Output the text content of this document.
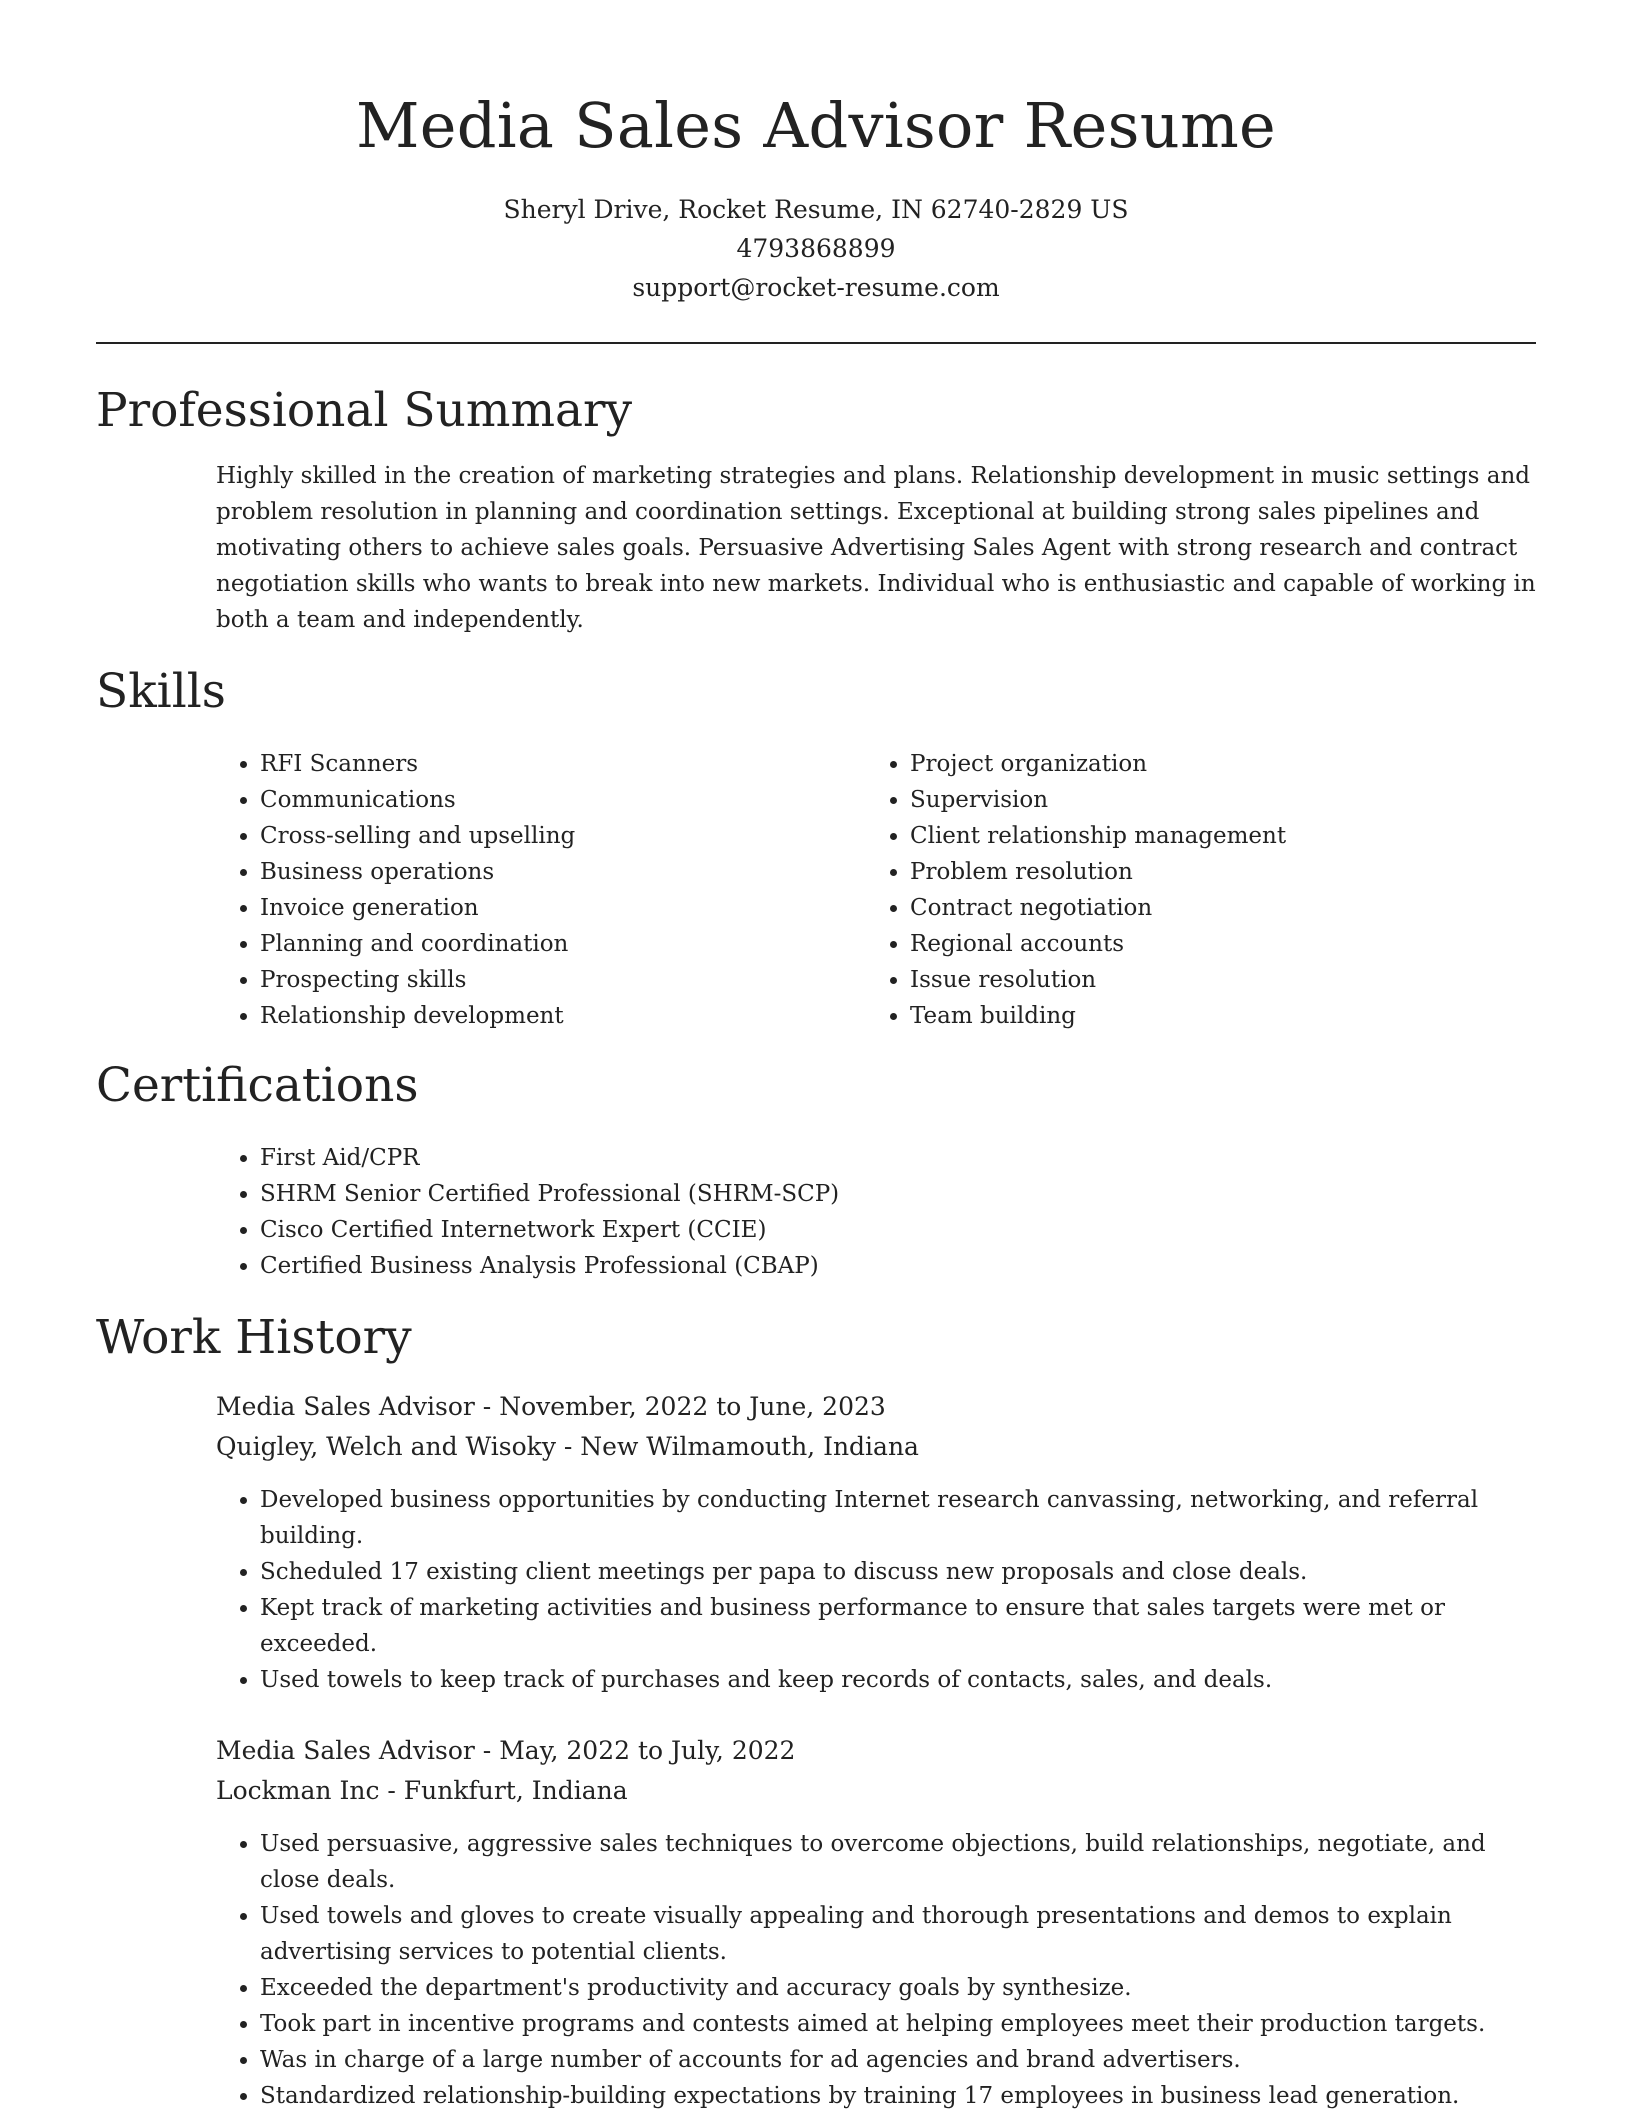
Media Sales Advisor Resume
Sheryl Drive, Rocket Resume, IN 62740-2829 US
4793868899
support@rocket-resume.com
Professional Summary

Highly skilled in the creation of marketing strategies and plans. Relationship development in music settings and problem resolution in planning and coordination settings. Exceptional at building strong sales pipelines and motivating others to achieve sales goals. Persuasive Advertising Sales Agent with strong research and contract negotiation skills who wants to break into new markets. Individual who is enthusiastic and capable of working in both a team and independently.

Skills
• RFI Scanners
• Communications
• Cross-selling and upselling
• Business operations
• Invoice generation
• Planning and coordination
• Prospecting skills
• Relationship development
• Project organization
• Supervision
• Client relationship management
• Problem resolution
• Contract negotiation
• Regional accounts
• Issue resolution
• Team building
Certifications
• First Aid/CPR
• SHRM Senior Certified Professional (SHRM-SCP)
• Cisco Certified Internetwork Expert (CCIE)
• Certified Business Analysis Professional (CBAP)
Work History
Media Sales Advisor - November, 2022 to June, 2023
Quigley, Welch and Wisoky - New Wilmamouth, Indiana
• Developed business opportunities by conducting Internet research canvassing, networking, and referral building.
• Scheduled 17 existing client meetings per papa to discuss new proposals and close deals.
• Kept track of marketing activities and business performance to ensure that sales targets were met or exceeded.
• Used towels to keep track of purchases and keep records of contacts, sales, and deals.
Media Sales Advisor - May, 2022 to July, 2022
Lockman Inc - Funkfurt, Indiana
• Used persuasive, aggressive sales techniques to overcome objections, build relationships, negotiate, and close deals.
• Used towels and gloves to create visually appealing and thorough presentations and demos to explain advertising services to potential clients.
• Exceeded the department's productivity and accuracy goals by synthesize.
• Took part in incentive programs and contests aimed at helping employees meet their production targets.
• Was in charge of a large number of accounts for ad agencies and brand advertisers.
• Standardized relationship-building expectations by training 17 employees in business lead generation.
